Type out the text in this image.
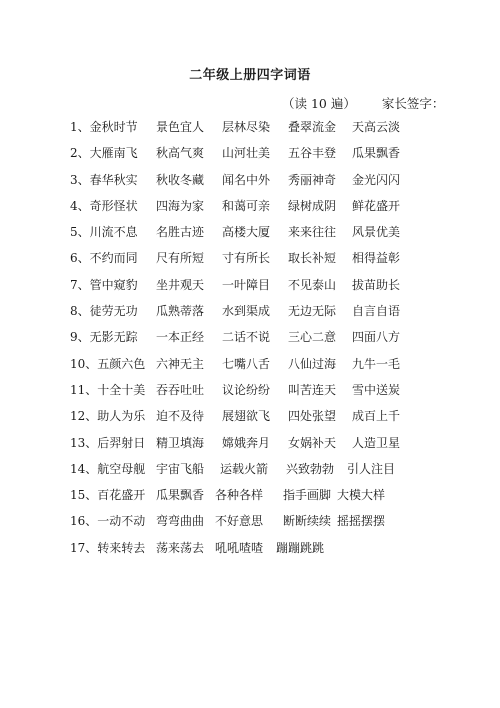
二年级上册四字词语
（读 10 遍） 家长签字：
1、金秋时节 景色宜人 层林尽染 叠翠流金 天高云淡
2、大雁南飞 秋高气爽 山河壮美 五谷丰登 瓜果飘香
3、春华秋实 秋收冬藏 闻名中外 秀丽神奇 金光闪闪
4、奇形怪状 四海为家 和蔼可亲 绿树成阴 鲜花盛开
5、川流不息 名胜古迹 高楼大厦 来来往往 风景优美
6、不约而同 尺有所短 寸有所长 取长补短 相得益彰
7、管中窥豹 坐井观天 一叶障目 不见泰山 拔苗助长
8、徒劳无功 瓜熟蒂落 水到渠成 无边无际 自言自语
9、无影无踪 一本正经 二话不说 三心二意 四面八方
10、五颜六色 六神无主 七嘴八舌 八仙过海 九牛一毛
11、十全十美 吞吞吐吐 议论纷纷 叫苦连天 雪中送炭
12、助人为乐 迫不及待 展翅欲飞 四处张望 成百上千
13、后羿射日 精卫填海 嫦娥奔月 女娲补天 人造卫星
14、航空母舰 宇宙飞船 运载火箭 兴致勃勃 引人注目
15、百花盛开 瓜果飘香 各种各样 指手画脚 大模大样
16、一动不动 弯弯曲曲 不好意思 断断续续 摇摇摆摆
17、转来转去 荡来荡去 吼吼喳喳 蹦蹦跳跳
